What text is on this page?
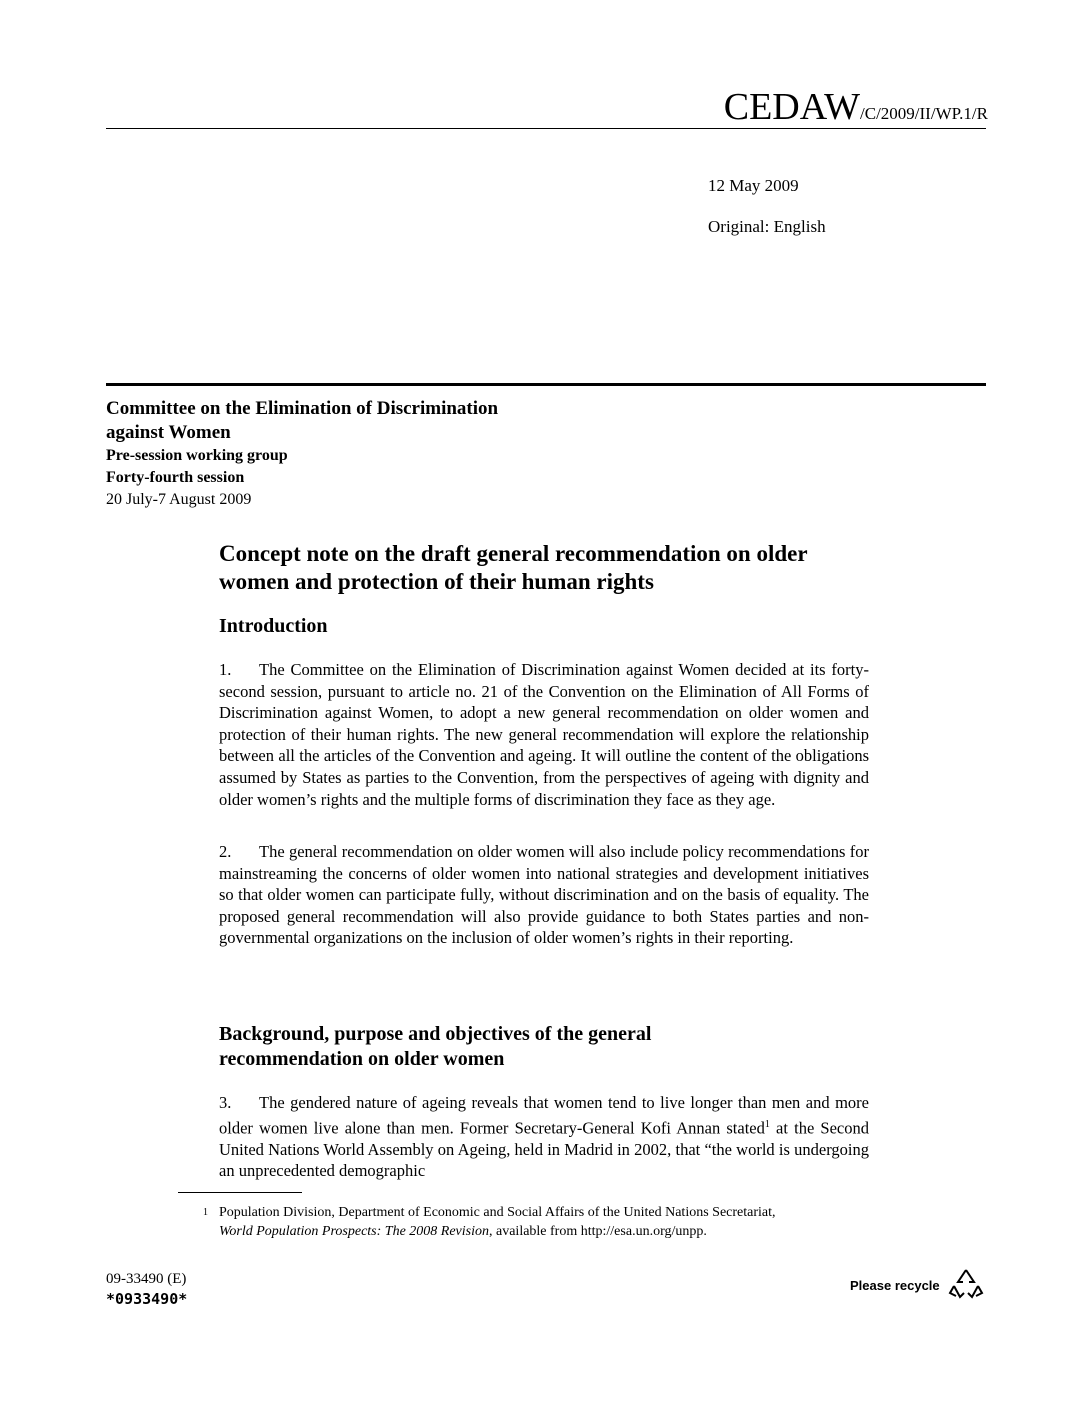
CEDAW/C/2009/II/WP.1/R
12 May 2009
Original: English
Committee on the Elimination of Discrimination
against Women
Pre-session working group
Forty-fourth session
20 July-7 August 2009
Concept note on the draft general recommendation on older
women and protection of their human rights
Introduction
1. The Committee on the Elimination of Discrimination against Women decided at its forty-second session, pursuant to article no. 21 of the Convention on the Elimination of All Forms of Discrimination against Women, to adopt a new general recommendation on older women and protection of their human rights. The new general recommendation will explore the relationship between all the articles of the Convention and ageing. It will outline the content of the obligations assumed by States as parties to the Convention, from the perspectives of ageing with dignity and older women’s rights and the multiple forms of discrimination they face as they age.
2. The general recommendation on older women will also include policy recommendations for mainstreaming the concerns of older women into national strategies and development initiatives so that older women can participate fully, without discrimination and on the basis of equality. The proposed general recommendation will also provide guidance to both States parties and non-governmental organizations on the inclusion of older women’s rights in their reporting.
Background, purpose and objectives of the general
recommendation on older women
3. The gendered nature of ageing reveals that women tend to live longer than men and more older women live alone than men. Former Secretary-General Kofi Annan stated$^1$ at the Second United Nations World Assembly on Ageing, held in Madrid in 2002, that “the world is undergoing an unprecedented demographic
1 Population Division, Department of Economic and Social Affairs of the United Nations Secretariat,
World Population Prospects: The 2008 Revision, available from http://esa.un.org/unpp.
09-33490 (E)
*0933490*
Please recycle
